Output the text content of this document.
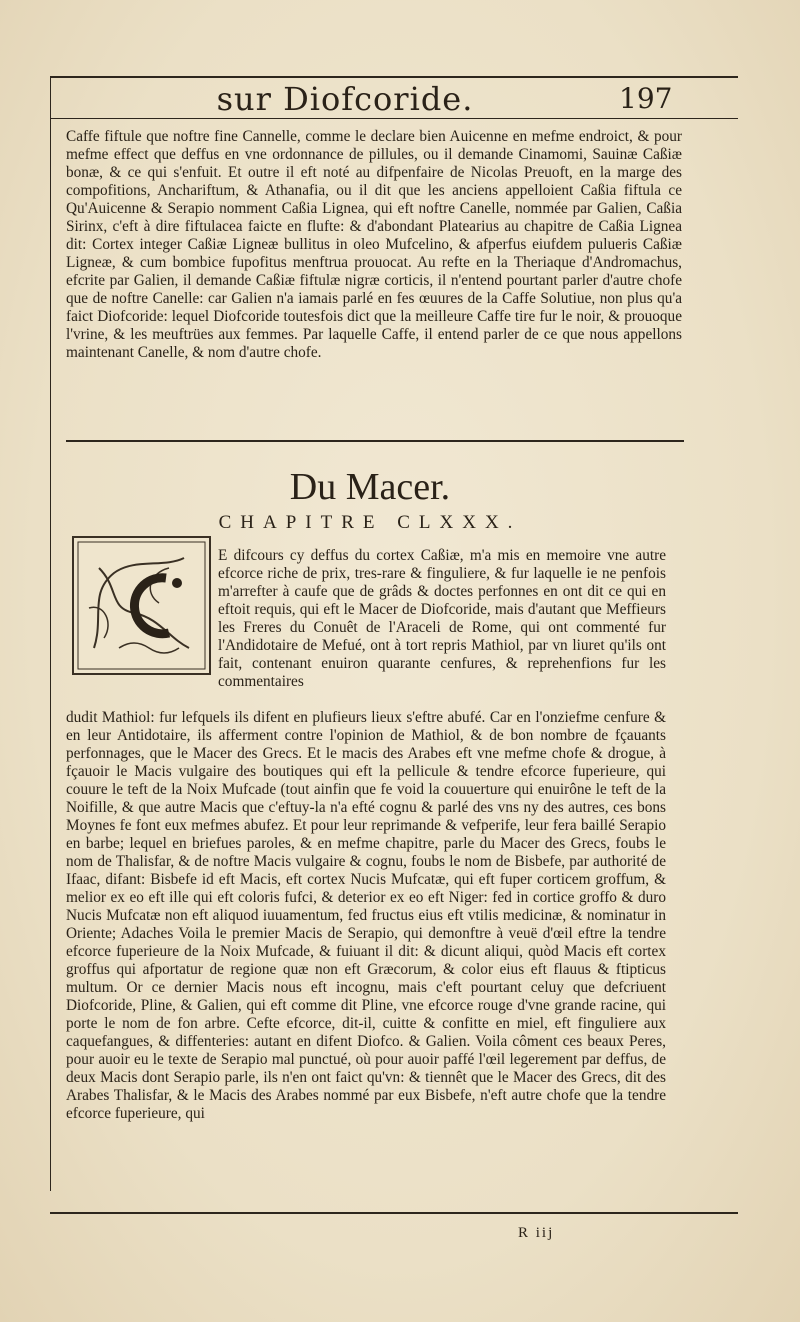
sur Diofcoride.	197

Caffe fiftule que noftre fine Cannelle, comme le declare bien Auicenne en mefme endroict, & pour mefme effect que deffus en vne ordonnance de pillules, ou il demande Cinamomi, Sauinæ Caßiæ bonæ, & ce qui s'enfuit. Et outre il eft noté au difpenfaire de Nicolas Preuoft, en la marge des compofitions, Anchariftum, & Athanafia, ou il dit que les anciens appelloient Caßia fiftula ce Qu'Auicenne & Serapio nomment Caßia Lignea, qui eft noftre Canelle, nommée par Galien, Caßia Sirinx, c'eft à dire fiftulacea faicte en flufte: & d'abondant Platearius au chapitre de Caßia Lignea dit: Cortex integer Caßiæ Ligneæ bullitus in oleo Mufcelino, & afperfus eiufdem pulueris Caßiæ Ligneæ, & cum bombice fupofitus menftrua prouocat. Au refte en la Theriaque d'Andromachus, efcrite par Galien, il demande Caßiæ fiftulæ nigræ corticis, il n'entend pourtant parler d'autre chofe que de noftre Canelle: car Galien n'a iamais parlé en fes œuures de la Caffe Solutiue, non plus qu'a faict Diofcoride: lequel Diofcoride toutesfois dict que la meilleure Caffe tire fur le noir, & prouoque l'vrine, & les meuftrües aux femmes. Par laquelle Caffe, il entend parler de ce que nous appellons maintenant Canelle, & nom d'autre chofe.

Du Macer.
CHAPITRE CLXXX.

E difcours cy deffus du cortex Caßiæ, m'a mis en memoire vne autre efcorce riche de prix, tres-rare & finguliere, & fur laquelle ie ne penfois m'arrefter à caufe que de grâds & doctes perfonnes en ont dit ce qui en eftoit requis, qui eft le Macer de Diofcoride, mais d'autant que Meffieurs les Freres du Conuêt de l'Araceli de Rome, qui ont commenté fur l'Andidotaire de Mefué, ont à tort repris Mathiol, par vn liuret qu'ils ont fait, contenant enuiron quarante cenfures, & reprehenfions fur les commentaires

dudit Mathiol: fur lefquels ils difent en plufieurs lieux s'eftre abufé. Car en l'onziefme cenfure & en leur Antidotaire, ils afferment contre l'opinion de Mathiol, & de bon nombre de fçauants perfonnages, que le Macer des Grecs. Et le macis des Arabes eft vne mefme chofe & drogue, à fçauoir le Macis vulgaire des boutiques qui eft la pellicule & tendre efcorce fuperieure, qui couure le teft de la Noix Mufcade (tout ainfin que fe void la couuerture qui enuirône le teft de la Noifille, & que autre Macis que c'eftuy-la n'a efté cognu & parlé des vns ny des autres, ces bons Moynes fe font eux mefmes abufez. Et pour leur reprimande & vefperife, leur fera baillé Serapio en barbe; lequel en briefues paroles, & en mefme chapitre, parle du Macer des Grecs, foubs le nom de Thalisfar, & de noftre Macis vulgaire & cognu, foubs le nom de Bisbefe, par authorité de Ifaac, difant: Bisbefe id eft Macis, eft cortex Nucis Mufcatæ, qui eft fuper corticem groffum, & melior ex eo eft ille qui eft coloris fufci, & deterior ex eo eft Niger: fed in cortice groffo & duro Nucis Mufcatæ non eft aliquod iuuamentum, fed fructus eius eft vtilis medicinæ, & nominatur in Oriente; Adaches Voila le premier Macis de Serapio, qui demonftre à veuë d'œil eftre la tendre efcorce fuperieure de la Noix Mufcade, & fuiuant il dit: & dicunt aliqui, quòd Macis eft cortex groffus qui afportatur de regione quæ non eft Græcorum, & color eius eft flauus & ftipticus multum. Or ce dernier Macis nous eft incognu, mais c'eft pourtant celuy que defcriuent Diofcoride, Pline, & Galien, qui eft comme dit Pline, vne efcorce rouge d'vne grande racine, qui porte le nom de fon arbre. Cefte efcorce, dit-il, cuitte & confitte en miel, eft finguliere aux caquefangues, & diffenteries: autant en difent Diofco. & Galien. Voila côment ces beaux Peres, pour auoir eu le texte de Serapio mal punctué, où pour auoir paffé l'œil legerement par deffus, de deux Macis dont Serapio parle, ils n'en ont faict qu'vn: & tiennêt que le Macer des Grecs, dit des Arabes Thalisfar, & le Macis des Arabes nommé par eux Bisbefe, n'eft autre chofe que la tendre efcorce fuperieure, qui

R iij
